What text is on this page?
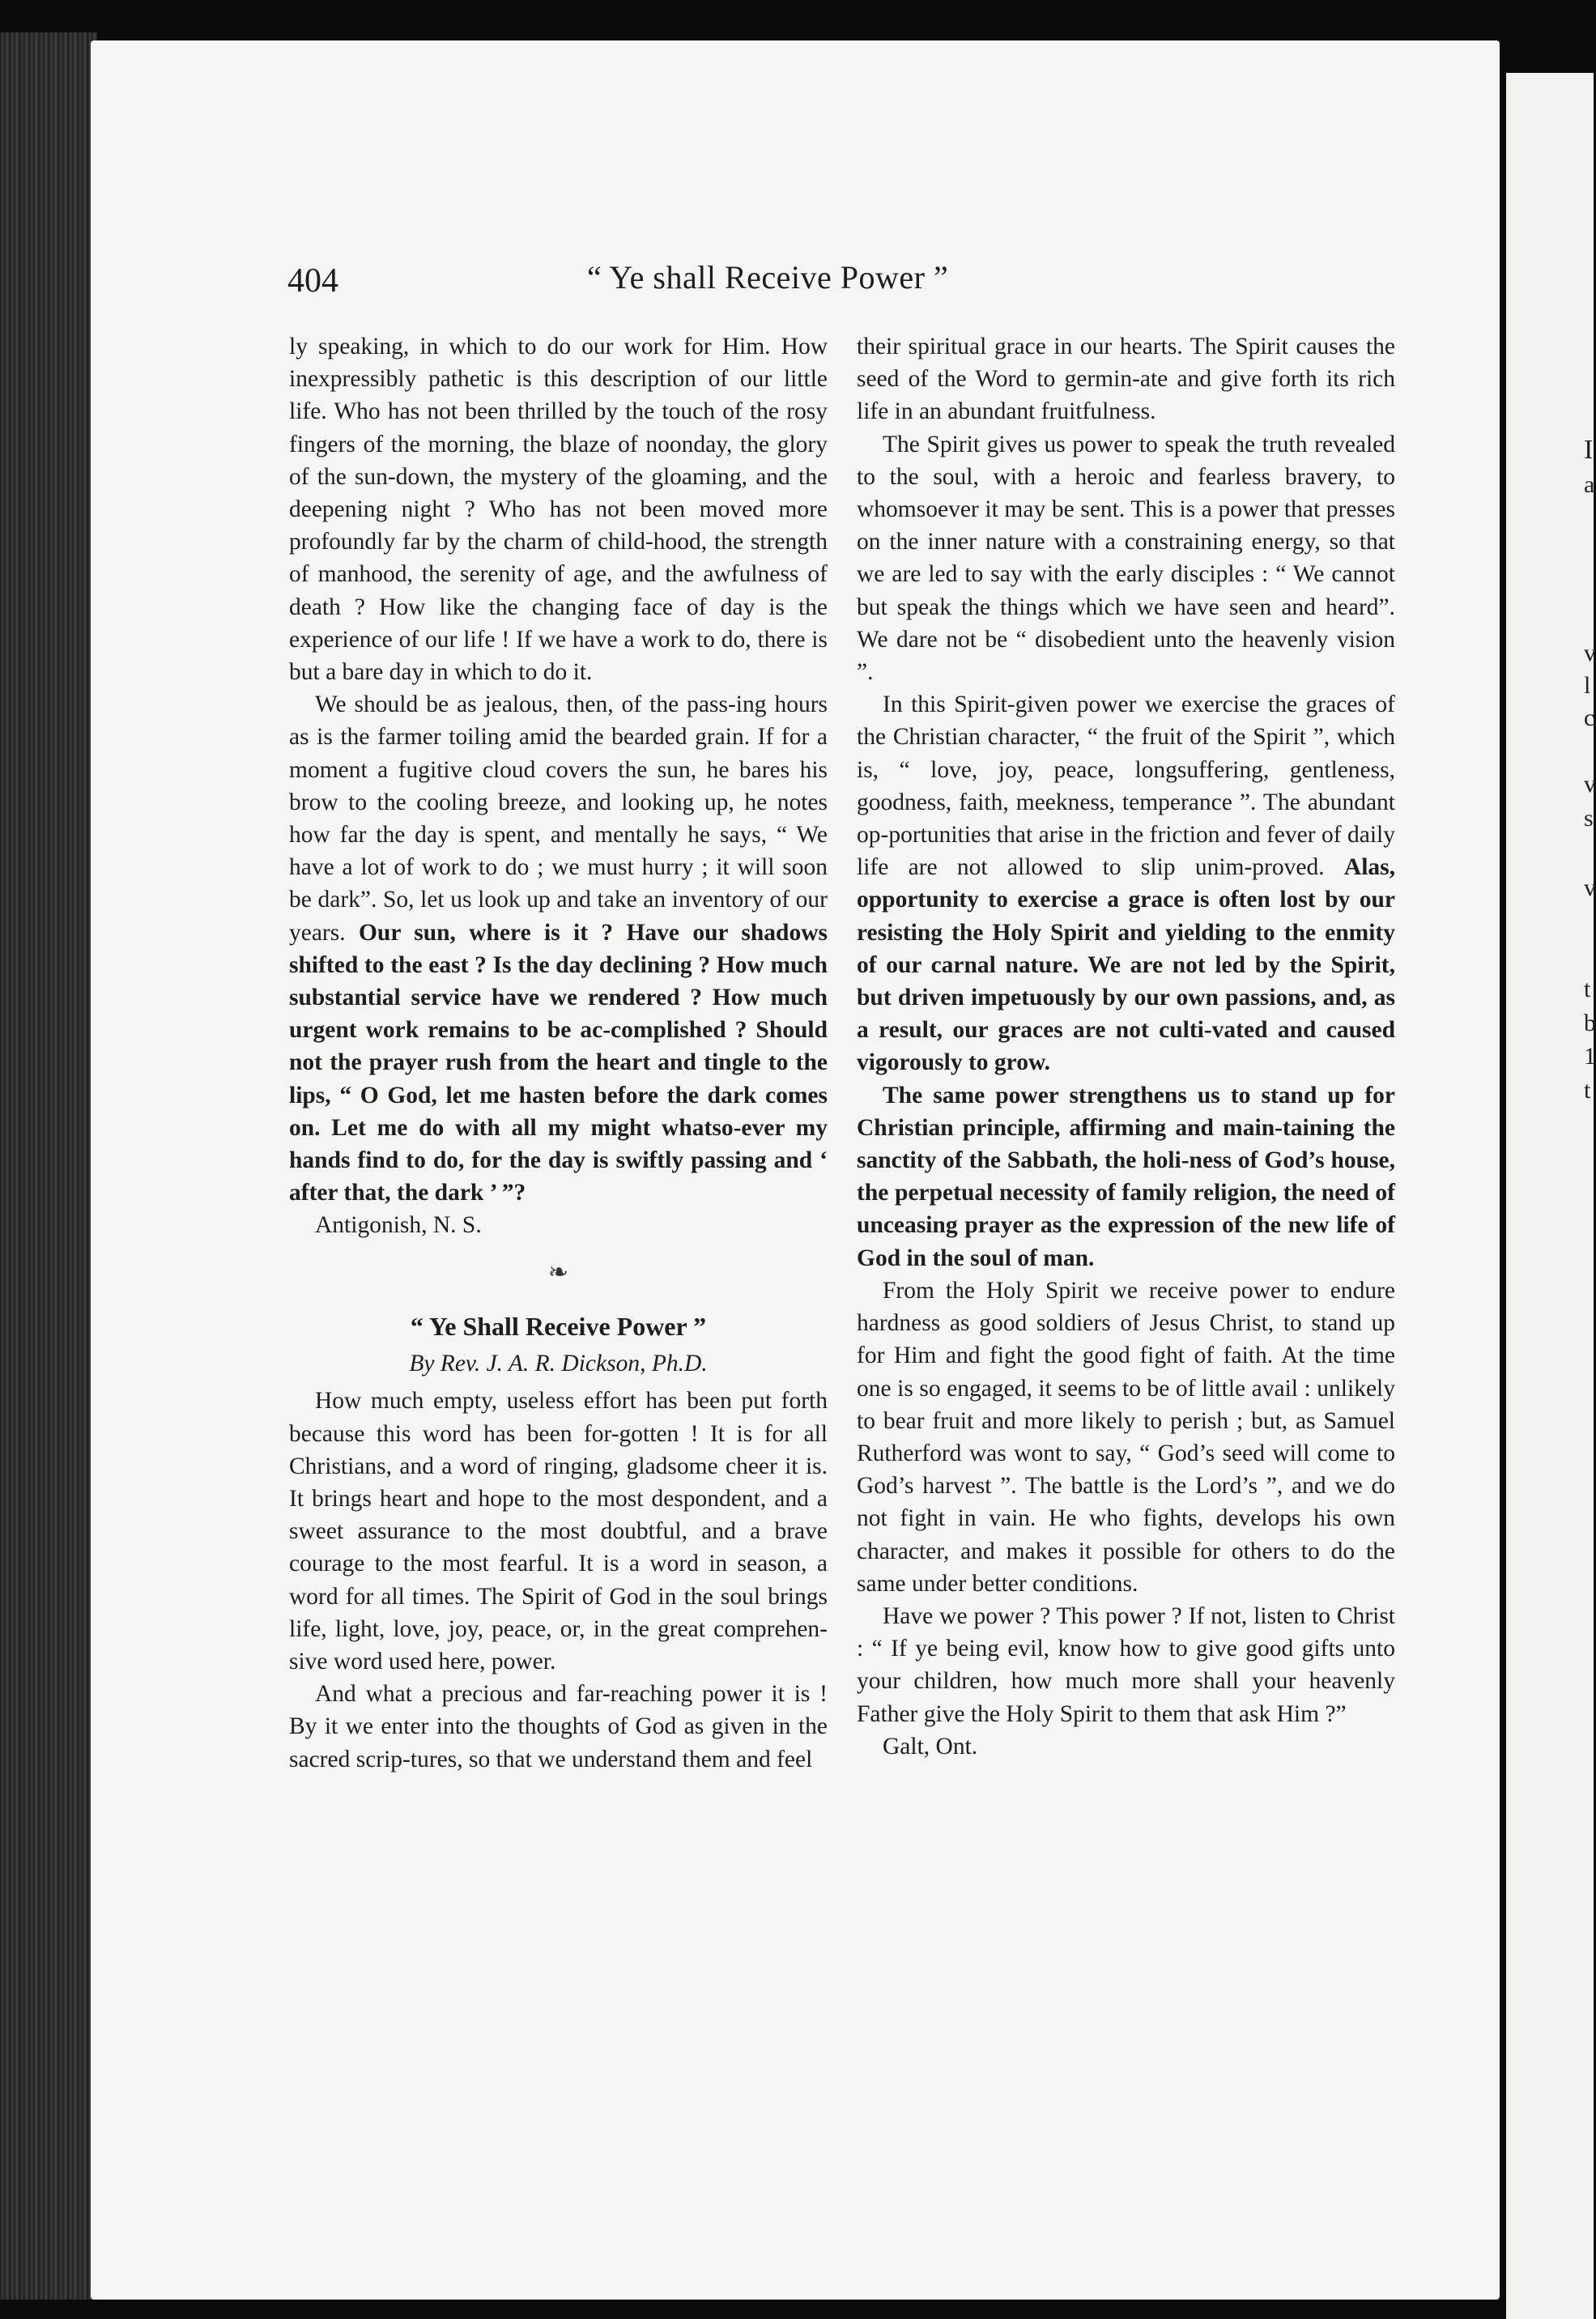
I
a
v
l
c
v
s
v
t
b
1
t
404	“ Ye shall Receive Power ”

ly speaking, in which to do our work for Him. How inexpressibly pathetic is this description of our little life. Who has not been thrilled by the touch of the rosy fingers of the morning, the blaze of noonday, the glory of the sun-down, the mystery of the gloaming, and the deepening night ? Who has not been moved more profoundly far by the charm of child-hood, the strength of manhood, the serenity of age, and the awfulness of death ? How like the changing face of day is the experience of our life ! If we have a work to do, there is but a bare day in which to do it.

We should be as jealous, then, of the pass-ing hours as is the farmer toiling amid the bearded grain. If for a moment a fugitive cloud covers the sun, he bares his brow to the cooling breeze, and looking up, he notes how far the day is spent, and mentally he says, “ We have a lot of work to do ; we must hurry ; it will soon be dark”. So, let us look up and take an inventory of our years. Our sun, where is it ? Have our shadows shifted to the east ? Is the day declining ? How much substantial service have we rendered ? How much urgent work remains to be ac-complished ? Should not the prayer rush from the heart and tingle to the lips, “ O God, let me hasten before the dark comes on. Let me do with all my might whatso-ever my hands find to do, for the day is swiftly passing and ‘ after that, the dark ’ ”?

Antigonish, N. S.

❧
“ Ye Shall Receive Power ”
By Rev. J. A. R. Dickson, Ph.D.

How much empty, useless effort has been put forth because this word has been for-gotten ! It is for all Christians, and a word of ringing, gladsome cheer it is. It brings heart and hope to the most despondent, and a sweet assurance to the most doubtful, and a brave courage to the most fearful. It is a word in season, a word for all times. The Spirit of God in the soul brings life, light, love, joy, peace, or, in the great comprehen-sive word used here, power.

And what a precious and far-reaching power it is ! By it we enter into the thoughts of God as given in the sacred scrip-tures, so that we understand them and feel

their spiritual grace in our hearts. The Spirit causes the seed of the Word to germin-ate and give forth its rich life in an abundant fruitfulness.

The Spirit gives us power to speak the truth revealed to the soul, with a heroic and fearless bravery, to whomsoever it may be sent. This is a power that presses on the inner nature with a constraining energy, so that we are led to say with the early disciples : “ We cannot but speak the things which we have seen and heard”. We dare not be “ disobedient unto the heavenly vision ”.

In this Spirit-given power we exercise the graces of the Christian character, “ the fruit of the Spirit ”, which is, “ love, joy, peace, longsuffering, gentleness, goodness, faith, meekness, temperance ”. The abundant op-portunities that arise in the friction and fever of daily life are not allowed to slip unim-proved. Alas, opportunity to exercise a grace is often lost by our resisting the Holy Spirit and yielding to the enmity of our carnal nature. We are not led by the Spirit, but driven impetuously by our own passions, and, as a result, our graces are not culti-vated and caused vigorously to grow.

The same power strengthens us to stand up for Christian principle, affirming and main-taining the sanctity of the Sabbath, the holi-ness of God’s house, the perpetual necessity of family religion, the need of unceasing prayer as the expression of the new life of God in the soul of man.

From the Holy Spirit we receive power to endure hardness as good soldiers of Jesus Christ, to stand up for Him and fight the good fight of faith. At the time one is so engaged, it seems to be of little avail : unlikely to bear fruit and more likely to perish ; but, as Samuel Rutherford was wont to say, “ God’s seed will come to God’s harvest ”. The battle is the Lord’s ”, and we do not fight in vain. He who fights, develops his own character, and makes it possible for others to do the same under better conditions.

Have we power ? This power ? If not, listen to Christ : “ If ye being evil, know how to give good gifts unto your children, how much more shall your heavenly Father give the Holy Spirit to them that ask Him ?”

Galt, Ont.
